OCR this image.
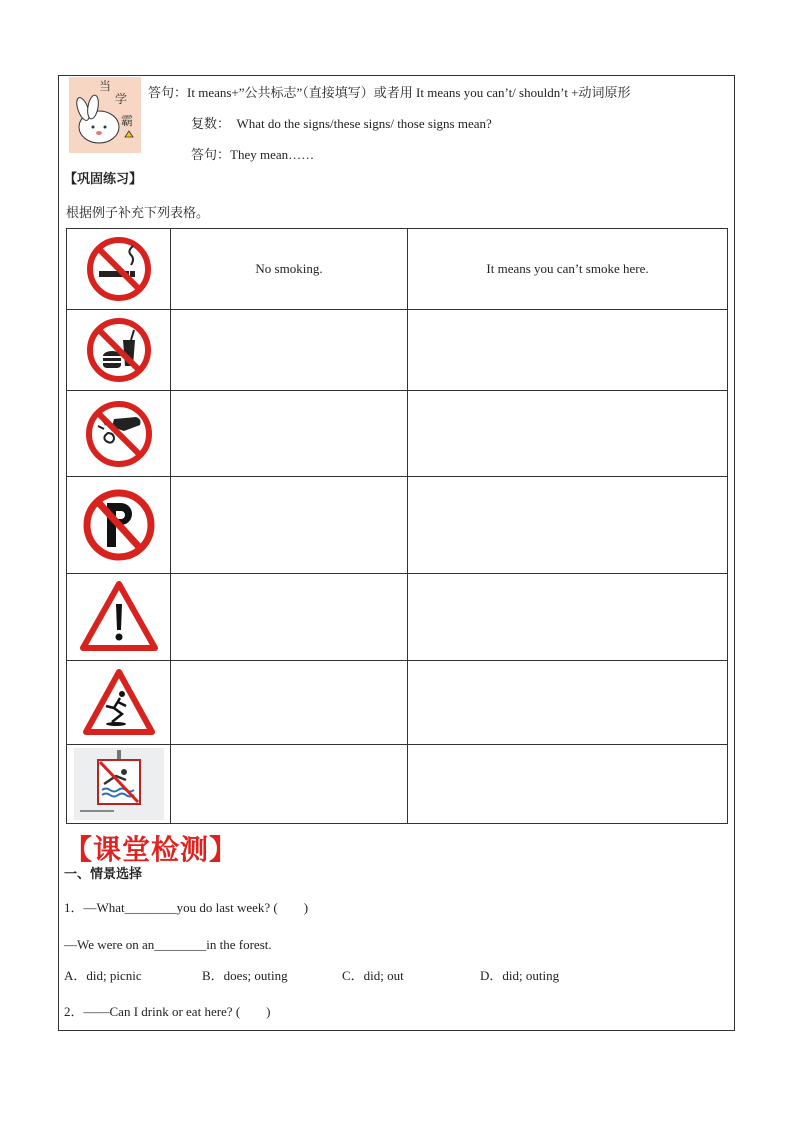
当
学
霸
答句：It means+”公共标志”（直接填写）或者用 It means you can’t/ shouldn’t +动词原形
复数： What do the signs/these signs/ those signs mean?
答句：They mean……
【巩固练习】
根据例子补充下列表格。
	No smoking.	It means you can’t smoke here.

【课堂检测】
一、情景选择
1．—What________you do last week? (　　)
—We were on an________in the forest.
A．did; picnic	B．does; outing	C．did; out	D．did; outing
2．——Can I drink or eat here? (　　)
